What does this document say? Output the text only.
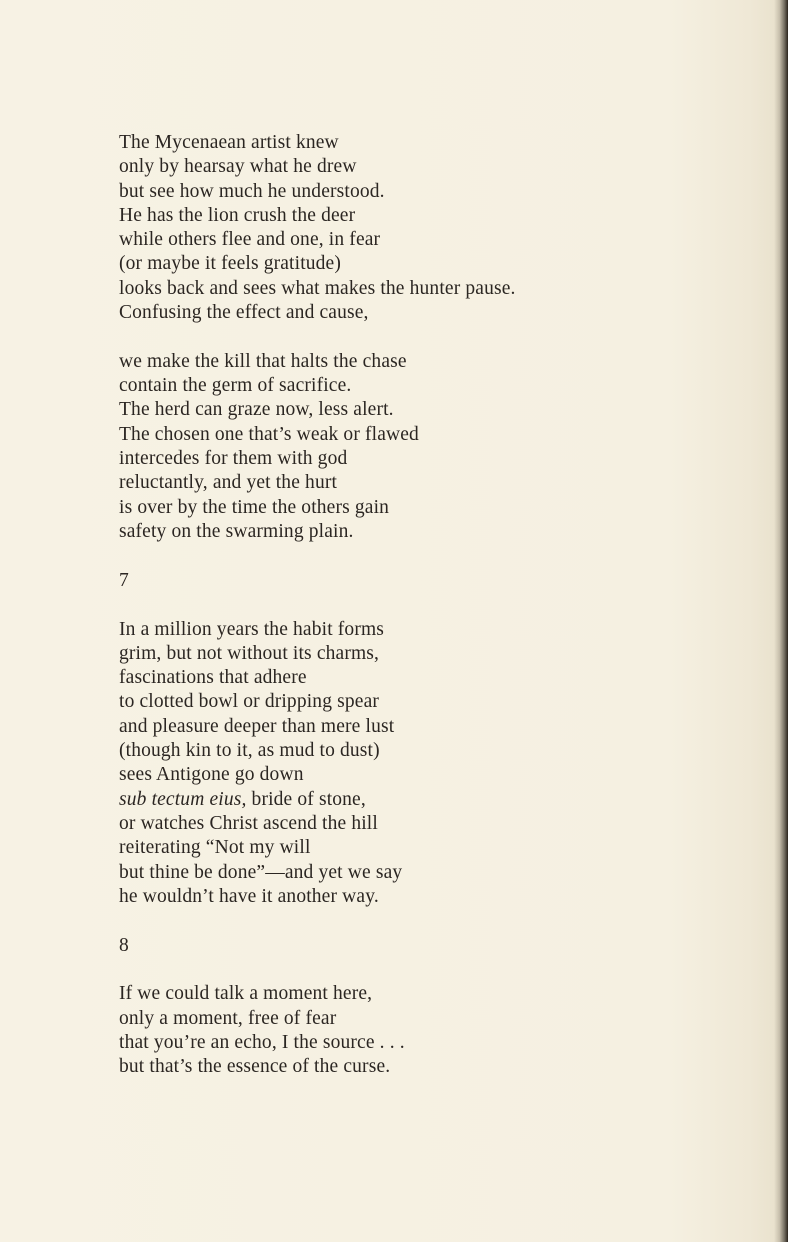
The Mycenaean artist knew
only by hearsay what he drew
but see how much he understood.
He has the lion crush the deer
while others flee and one, in fear
(or maybe it feels gratitude)
looks back and sees what makes the hunter pause.
Confusing the effect and cause,
we make the kill that halts the chase
contain the germ of sacrifice.
The herd can graze now, less alert.
The chosen one that’s weak or flawed
intercedes for them with god
reluctantly, and yet the hurt
is over by the time the others gain
safety on the swarming plain.
7
In a million years the habit forms
grim, but not without its charms,
fascinations that adhere
to clotted bowl or dripping spear
and pleasure deeper than mere lust
(though kin to it, as mud to dust)
sees Antigone go down
sub tectum eius, bride of stone,
or watches Christ ascend the hill
reiterating “Not my will
but thine be done”—and yet we say
he wouldn’t have it another way.
8
If we could talk a moment here,
only a moment, free of fear
that you’re an echo, I the source . . .
but that’s the essence of the curse.
